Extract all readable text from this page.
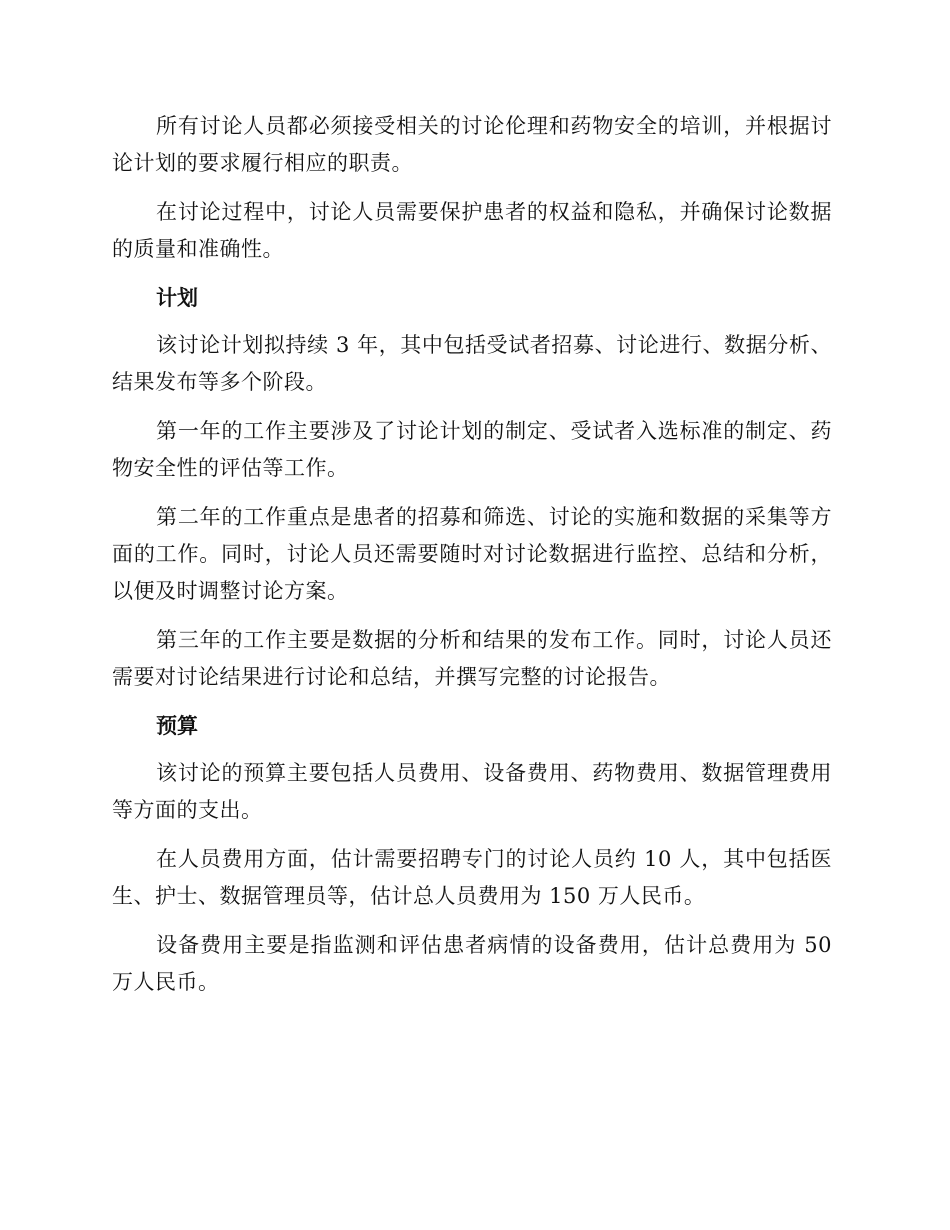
所有讨论人员都必须接受相关的讨论伦理和药物安全的培训，并根据讨论计划的要求履行相应的职责。

在讨论过程中，讨论人员需要保护患者的权益和隐私，并确保讨论数据的质量和准确性。

计划

该讨论计划拟持续 3 年，其中包括受试者招募、讨论进行、数据分析、结果发布等多个阶段。

第一年的工作主要涉及了讨论计划的制定、受试者入选标准的制定、药物安全性的评估等工作。

第二年的工作重点是患者的招募和筛选、讨论的实施和数据的采集等方面的工作。同时，讨论人员还需要随时对讨论数据进行监控、总结和分析，以便及时调整讨论方案。

第三年的工作主要是数据的分析和结果的发布工作。同时，讨论人员还需要对讨论结果进行讨论和总结，并撰写完整的讨论报告。

预算

该讨论的预算主要包括人员费用、设备费用、药物费用、数据管理费用等方面的支出。

在人员费用方面，估计需要招聘专门的讨论人员约 10 人，其中包括医生、护士、数据管理员等，估计总人员费用为 150 万人民币。

设备费用主要是指监测和评估患者病情的设备费用，估计总费用为 50 万人民币。
